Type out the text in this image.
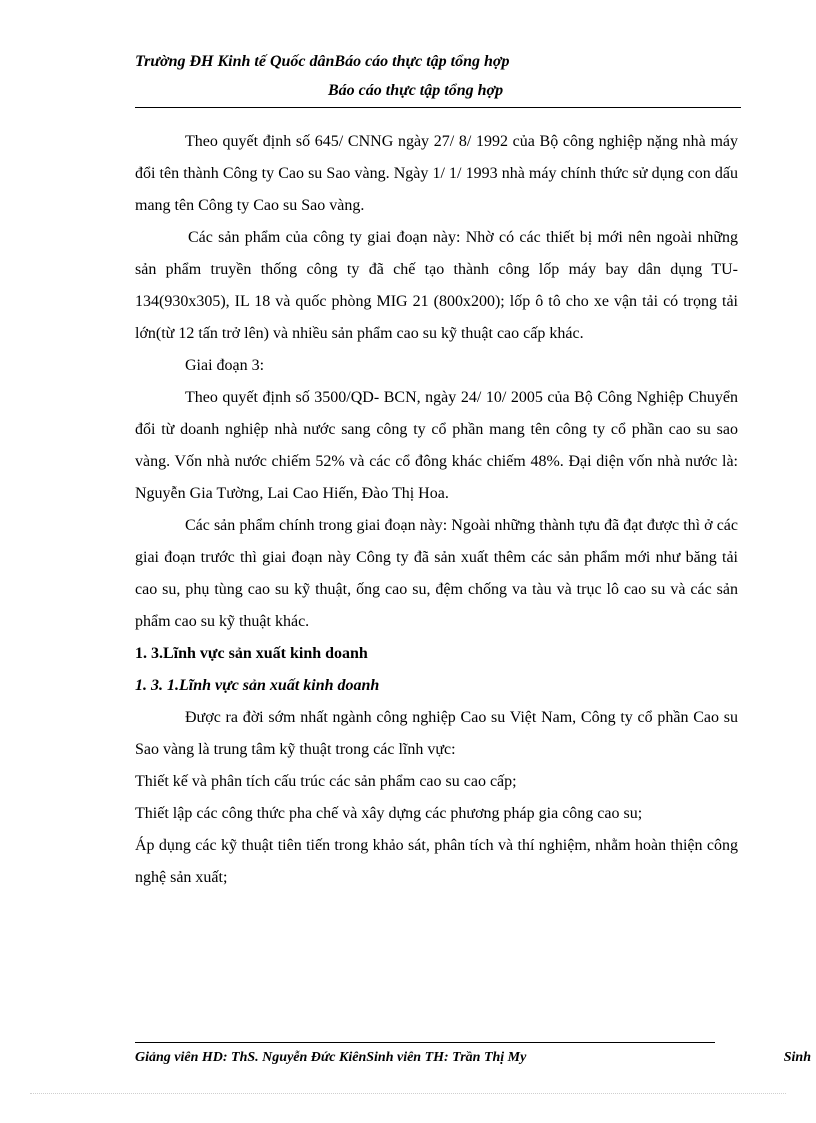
Trường ĐH Kinh tế Quốc dânBáo cáo thực tập tổng hợp
Báo cáo thực tập tổng hợp

Theo quyết định số 645/ CNNG ngày 27/ 8/ 1992 của Bộ công nghiệp nặng nhà máy đổi tên thành Công ty Cao su Sao vàng. Ngày 1/ 1/ 1993 nhà máy chính thức sử dụng con dấu mang tên Công ty Cao su Sao vàng.

Các sản phẩm của công ty giai đoạn này: Nhờ có các thiết bị mới nên ngoài những sản phẩm truyền thống công ty đã chế tạo thành công lốp máy bay dân dụng TU- 134(930x305), IL 18 và quốc phòng MIG 21 (800x200); lốp ô tô cho xe vận tải có trọng tải lớn(từ 12 tấn trở lên) và nhiều sản phẩm cao su kỹ thuật cao cấp khác.

Giai đoạn 3:

Theo quyết định số 3500/QD- BCN, ngày 24/ 10/ 2005 của Bộ Công Nghiệp Chuyển đổi từ doanh nghiệp nhà nước sang công ty cổ phần mang tên công ty cổ phần cao su sao vàng. Vốn nhà nước chiếm 52% và các cổ đông khác chiếm 48%. Đại diện vốn nhà nước là: Nguyễn Gia Tường, Lai Cao Hiến, Đào Thị Hoa.

Các sản phẩm chính trong giai đoạn này: Ngoài những thành tựu đã đạt được thì ở các giai đoạn trước thì giai đoạn này Công ty đã sản xuất thêm các sản phẩm mới như băng tải cao su, phụ tùng cao su kỹ thuật, ống cao su, đệm chống va tàu và trục lô cao su và các sản phẩm cao su kỹ thuật khác.

1. 3.Lĩnh vực sản xuất kinh doanh

1. 3. 1.Lĩnh vực sản xuất kinh doanh

Được ra đời sớm nhất ngành công nghiệp Cao su Việt Nam, Công ty cổ phần Cao su Sao vàng là trung tâm kỹ thuật trong các lĩnh vực:

Thiết kế và phân tích cấu trúc các sản phẩm cao su cao cấp;

Thiết lập các công thức pha chế và xây dựng các phương pháp gia công cao su;

Áp dụng các kỹ thuật tiên tiến trong khảo sát, phân tích và thí nghiệm, nhằm hoàn thiện công nghệ sản xuất;

Giảng viên HD: ThS. Nguyễn Đức KiênSinh viên TH: Trần Thị My	Sinh
